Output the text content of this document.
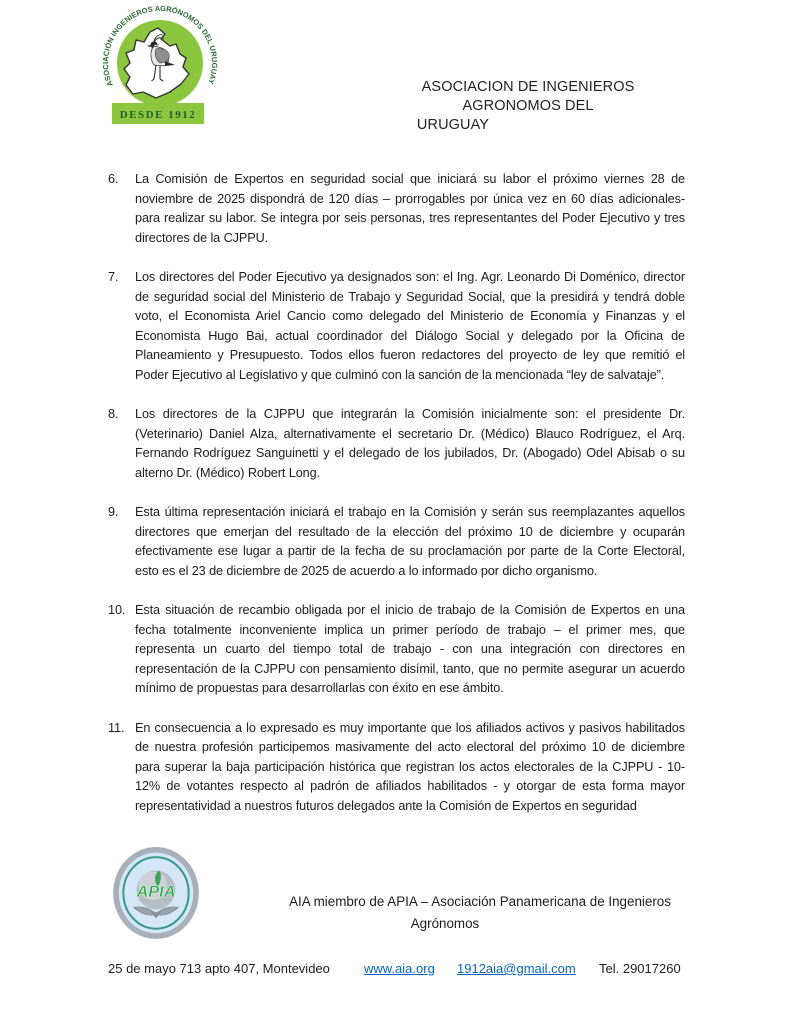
ASOCIACIÓN INGENIEROS AGRÓNOMOS DEL URUGUAY
DESDE 1912
ASOCIACION DE INGENIEROS AGRONOMOS DEL
URUGUAY
6.	La Comisión de Expertos en seguridad social que iniciará su labor el próximo viernes 28 de noviembre de 2025 dispondrá de 120 días – prorrogables por única vez en 60 días adicionales- para realizar su labor. Se integra por seis personas, tres representantes del Poder Ejecutivo y tres directores de la CJPPU.
7.	Los directores del Poder Ejecutivo ya designados son: el Ing. Agr. Leonardo Di Doménico, director de seguridad social del Ministerio de Trabajo y Seguridad Social, que la presidirá y tendrá doble voto, el Economista Ariel Cancio como delegado del Ministerio de Economía y Finanzas y el Economista Hugo Bai, actual coordinador del Diálogo Social y delegado por la Oficina de Planeamiento y Presupuesto. Todos ellos fueron redactores del proyecto de ley que remitió el Poder Ejecutivo al Legislativo y que culminó con la sanción de la mencionada “ley de salvataje”.
8.	Los directores de la CJPPU que integrarán la Comisión inicialmente son: el presidente Dr. (Veterinario) Daniel Alza, alternativamente el secretario Dr. (Médico) Blauco Rodríguez, el Arq. Fernando Rodríguez Sanguinetti y el delegado de los jubilados, Dr. (Abogado) Odel Abisab o su alterno Dr. (Médico) Robert Long.
9.	Esta última representación iniciará el trabajo en la Comisión y serán sus reemplazantes aquellos directores que emerjan del resultado de la elección del próximo 10 de diciembre y ocuparán efectivamente ese lugar a partir de la fecha de su proclamación por parte de la Corte Electoral, esto es el 23 de diciembre de 2025 de acuerdo a lo informado por dicho organismo.
10. Esta situación de recambio obligada por el inicio de trabajo de la Comisión de Expertos en una fecha totalmente inconveniente implica un primer período de trabajo – el primer mes, que representa un cuarto del tiempo total de trabajo - con una integración con directores en representación de la CJPPU con pensamiento disímil, tanto, que no permite asegurar un acuerdo mínimo de propuestas para desarrollarlas con éxito en ese ámbito.
11. En consecuencia a lo expresado es muy importante que los afiliados activos y pasivos habilitados de nuestra profesión participemos masivamente del acto electoral del próximo 10 de diciembre para superar la baja participación histórica que registran los actos electorales de la CJPPU - 10-12% de votantes respecto al padrón de afiliados habilitados - y otorgar de esta forma mayor representatividad a nuestros futuros delegados ante la Comisión de Expertos en seguridad
APIA
AIA miembro de APIA – Asociación Panamericana de Ingenieros
Agrónomos
25 de mayo 713 apto 407, Montevideo	www.aia.org 1912aia@gmail.com Tel. 29017260
